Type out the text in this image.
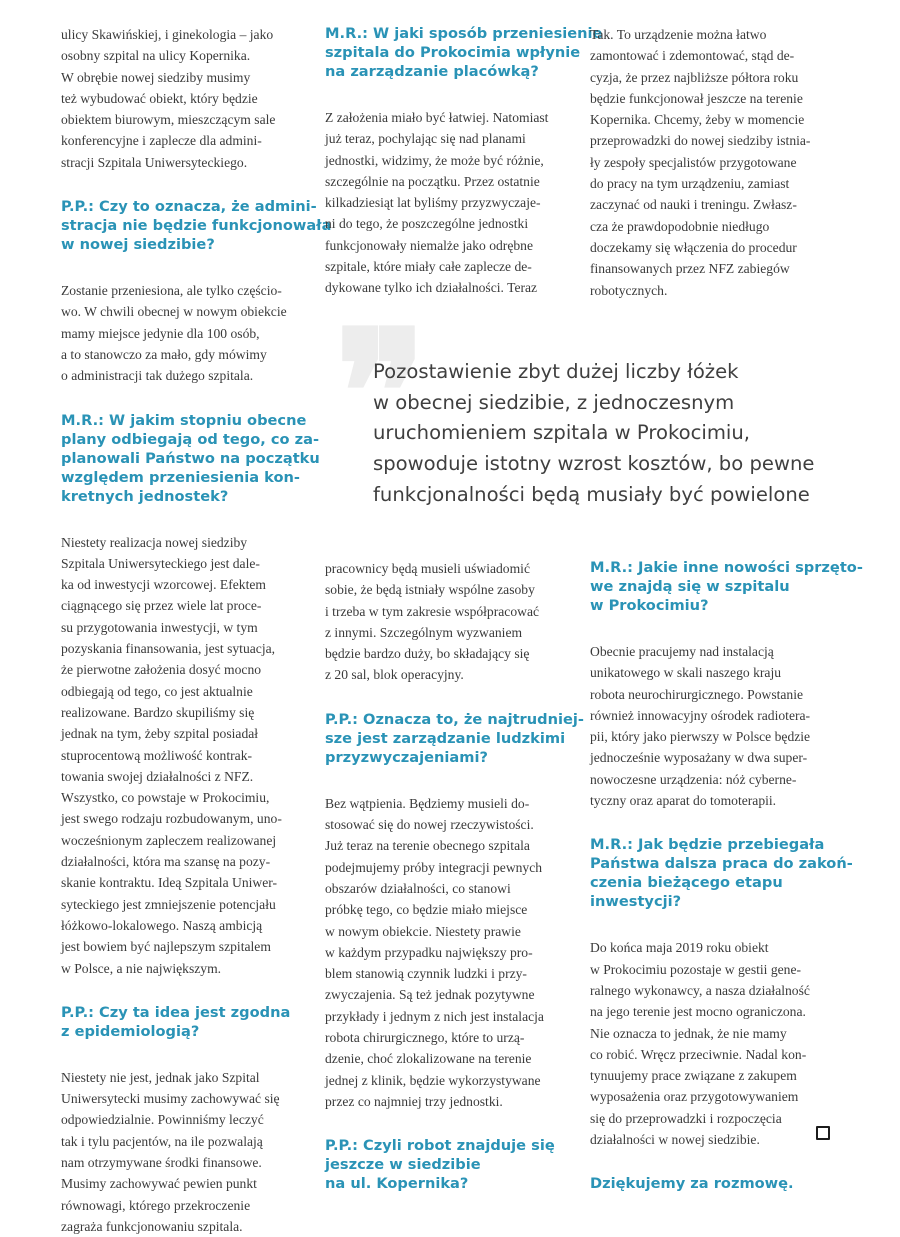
ulicy Skawińskiej, i ginekologia – jako
osobny szpital na ulicy Kopernika.
W obrębie nowej siedziby musimy
też wybudować obiekt, który będzie
obiektem biurowym, mieszczącym sale
konferencyjne i zaplecze dla admini-
stracji Szpitala Uniwersyteckiego.
P.P.: Czy to oznacza, że admini-
stracja nie będzie funkcjonowała
w nowej siedzibie?
Zostanie przeniesiona, ale tylko częścio-
wo. W chwili obecnej w nowym obiekcie
mamy miejsce jedynie dla 100 osób,
a to stanowczo za mało, gdy mówimy
o administracji tak dużego szpitala.
M.R.: W jakim stopniu obecne
plany odbiegają od tego, co za-
planowali Państwo na początku
względem przeniesienia kon-
kretnych jednostek?
Niestety realizacja nowej siedziby
Szpitala Uniwersyteckiego jest dale-
ka od inwestycji wzorcowej. Efektem
ciągnącego się przez wiele lat proce-
su przygotowania inwestycji, w tym
pozyskania finansowania, jest sytuacja,
że pierwotne założenia dosyć mocno
odbiegają od tego, co jest aktualnie
realizowane. Bardzo skupiliśmy się
jednak na tym, żeby szpital posiadał
stuprocentową możliwość kontrak-
towania swojej działalności z NFZ.
Wszystko, co powstaje w Prokocimiu,
jest swego rodzaju rozbudowanym, uno-
wocześnionym zapleczem realizowanej
działalności, która ma szansę na pozy-
skanie kontraktu. Ideą Szpitala Uniwer-
syteckiego jest zmniejszenie potencjału
łóżkowo-lokalowego. Naszą ambicją
jest bowiem być najlepszym szpitalem
w Polsce, a nie największym.
P.P.: Czy ta idea jest zgodna
z epidemiologią?
Niestety nie jest, jednak jako Szpital
Uniwersytecki musimy zachowywać się
odpowiedzialnie. Powinniśmy leczyć
tak i tylu pacjentów, na ile pozwalają
nam otrzymywane środki finansowe.
Musimy zachowywać pewien punkt
równowagi, którego przekroczenie
zagraża funkcjonowaniu szpitala.
M.R.: W jaki sposób przeniesienie
szpitala do Prokocimia wpłynie
na zarządzanie placówką?
Z założenia miało być łatwiej. Natomiast
już teraz, pochylając się nad planami
jednostki, widzimy, że może być różnie,
szczególnie na początku. Przez ostatnie
kilkadziesiąt lat byliśmy przyzwyczaje-
ni do tego, że poszczególne jednostki
funkcjonowały niemalże jako odrębne
szpitale, które miały całe zaplecze de-
dykowane tylko ich działalności. Teraz
Tak. To urządzenie można łatwo
zamontować i zdemontować, stąd de-
cyzja, że przez najbliższe półtora roku
będzie funkcjonował jeszcze na terenie
Kopernika. Chcemy, żeby w momencie
przeprowadzki do nowej siedziby istnia-
ły zespoły specjalistów przygotowane
do pracy na tym urządzeniu, zamiast
zaczynać od nauki i treningu. Zwłasz-
cza że prawdopodobnie niedługo
doczekamy się włączenia do procedur
finansowanych przez NFZ zabiegów
robotycznych.
❞
Pozostawienie zbyt dużej liczby łóżek
w obecnej siedzibie, z jednoczesnym
uruchomieniem szpitala w Prokocimiu,
spowoduje istotny wzrost kosztów, bo pewne
funkcjonalności będą musiały być powielone
pracownicy będą musieli uświadomić
sobie, że będą istniały wspólne zasoby
i trzeba w tym zakresie współpracować
z innymi. Szczególnym wyzwaniem
będzie bardzo duży, bo składający się
z 20 sal, blok operacyjny.
P.P.: Oznacza to, że najtrudniej-
sze jest zarządzanie ludzkimi
przyzwyczajeniami?
Bez wątpienia. Będziemy musieli do-
stosować się do nowej rzeczywistości.
Już teraz na terenie obecnego szpitala
podejmujemy próby integracji pewnych
obszarów działalności, co stanowi
próbkę tego, co będzie miało miejsce
w nowym obiekcie. Niestety prawie
w każdym przypadku największy pro-
blem stanowią czynnik ludzki i przy-
zwyczajenia. Są też jednak pozytywne
przykłady i jednym z nich jest instalacja
robota chirurgicznego, które to urzą-
dzenie, choć zlokalizowane na terenie
jednej z klinik, będzie wykorzystywane
przez co najmniej trzy jednostki.
P.P.: Czyli robot znajduje się
jeszcze w siedzibie
na ul. Kopernika?
M.R.: Jakie inne nowości sprzęto-
we znajdą się w szpitalu
w Prokocimiu?
Obecnie pracujemy nad instalacją
unikatowego w skali naszego kraju
robota neurochirurgicznego. Powstanie
również innowacyjny ośrodek radiotera-
pii, który jako pierwszy w Polsce będzie
jednocześnie wyposażany w dwa super-
nowoczesne urządzenia: nóż cyberne-
tyczny oraz aparat do tomoterapii.
M.R.: Jak będzie przebiegała
Państwa dalsza praca do zakoń-
czenia bieżącego etapu
inwestycji?
Do końca maja 2019 roku obiekt
w Prokocimiu pozostaje w gestii gene-
ralnego wykonawcy, a nasza działalność
na jego terenie jest mocno ograniczona.
Nie oznacza to jednak, że nie mamy
co robić. Wręcz przeciwnie. Nadal kon-
tynuujemy prace związane z zakupem
wyposażenia oraz przygotowywaniem
się do przeprowadzki i rozpoczęcia
działalności w nowej siedzibie.
Dziękujemy za rozmowę.
